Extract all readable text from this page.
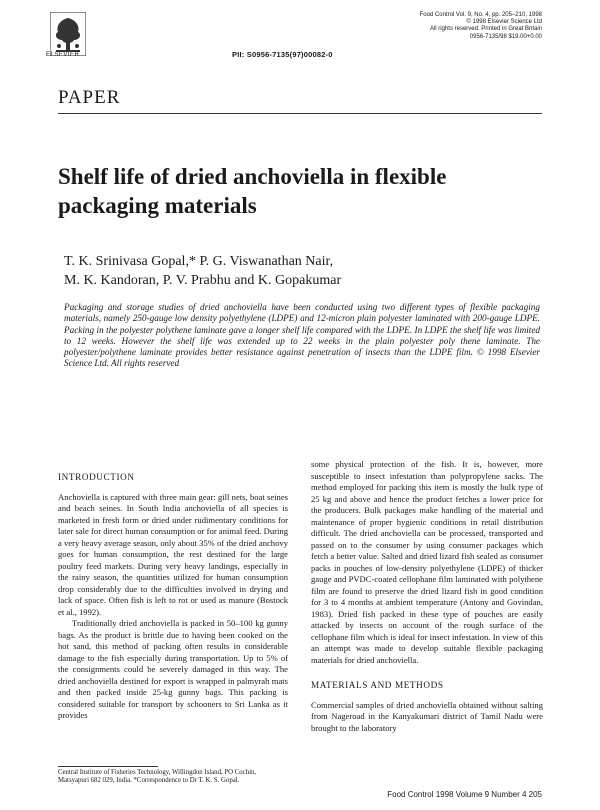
ELSEVIER	PII: S0956-7135(97)00082-0
Food Control Vol. 9, No. 4, pp. 205–210, 1998
© 1998 Elsevier Science Ltd
All rights reserved. Printed in Great Britain
0956-7135/98 $19.00+0.00
PAPER
Shelf life of dried anchoviella in flexible packaging materials
T. K. Srinivasa Gopal,* P. G. Viswanathan Nair,
M. K. Kandoran, P. V. Prabhu and K. Gopakumar
Packaging and storage studies of dried anchoviella have been conducted using two different types of flexible packaging materials, namely 250-gauge low density polyethylene (LDPE) and 12-micron plain polyester laminated with 200-gauge LDPE. Packing in the polyester polythene laminate gave a longer shelf life compared with the LDPE. In LDPE the shelf life was limited to 12 weeks. However the shelf life was extended up to 22 weeks in the plain polyester poly thene laminate. The polyester/polythene laminate provides better resistance against penetration of insects than the LDPE film. © 1998 Elsevier Science Ltd. All rights reserved
INTRODUCTION

Anchoviella is captured with three main gear: gill nets, boat seines and beach seines. In South India anchoviella of all species is marketed in fresh form or dried under rudimentary conditions for later sale for direct human consumption or for animal feed. During a very heavy average season, only about 35% of the dried anchovy goes for human consumption, the rest destined for the large poultry feed markets. During very heavy landings, especially in the rainy season, the quantities utilized for human consumption drop considerably due to the difficulties involved in drying and lack of space. Often fish is left to rot or used as manure (Bostock et al., 1992).

Traditionally dried anchoviella is packed in 50–100 kg gunny bags. As the product is brittle due to having been cooked on the hot sand, this method of packing often results in considerable damage to the fish especially during transportation. Up to 5% of the consignments could be severely damaged in this way. The dried anchoviella destined for export is wrapped in palmyrah mats and then packed inside 25-kg gunny bags. This packing is considered suitable for transport by schooners to Sri Lanka as it provides

some physical protection of the fish. It is, however, more susceptible to insect infestation than polypropylene sacks. The method employed for packing this item is mostly the bulk type of 25 kg and above and hence the product fetches a lower price for the producers. Bulk packages make handling of the material and maintenance of proper hygienic conditions in retail distribution difficult. The dried anchoviella can be processed, transported and passed on to the consumer by using consumer packages which fetch a better value. Salted and dried lizard fish sealed as consumer packs in pouches of low-density polyethylene (LDPE) of thicker gauge and PVDC-coated cellophane film laminated with polythene film are found to preserve the dried lizard fish in good condition for 3 to 4 months at ambient temperature (Antony and Govindan, 1983). Dried fish packed in these type of pouches are easily attacked by insects on account of the rough surface of the cellophane film which is ideal for insect infestation. In view of this an attempt was made to develop suitable flexible packaging materials for dried anchoviella.

MATERIALS AND METHODS

Commercial samples of dried anchoviella obtained without salting from Nageroad in the Kanyakumari district of Tamil Nadu were brought to the laboratory

Central Institute of Fisheries Technology, Willingdon Island, PO Cochin, Matsyapuri 682 029, India. *Correspondence to Dr T. K. S. Gopal.
Food Control 1998 Volume 9 Number 4 205
